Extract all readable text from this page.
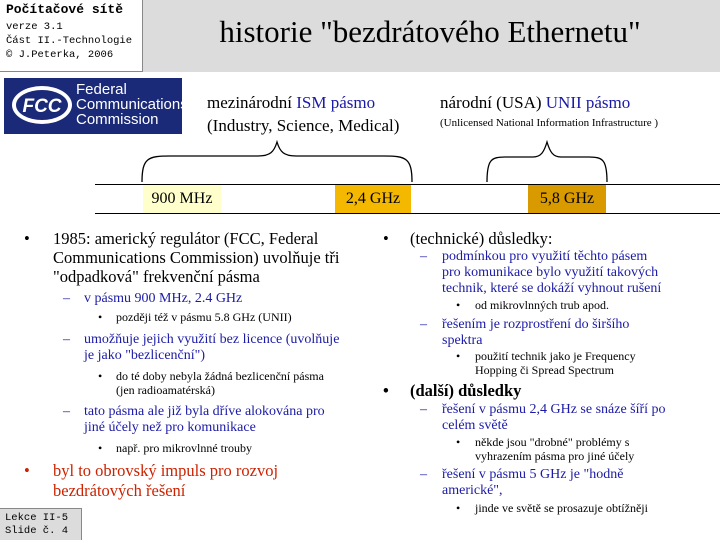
Počítačové sítě
verze 3.1
Část II.-Technologie
© J.Peterka, 2006
historie "bezdrátového Ethernetu"
FCC
Federal
Communications
Commission
mezinárodní ISM pásmo
(Industry, Science, Medical)
národní (USA) UNII pásmo
(Unlicensed National Information Infrastructure )
900 MHz	2,4 GHz	5,8 GHz
• 1985: americký regulátor (FCC, Federal
Communications Commission) uvolňuje tři
"odpadková" frekvenční pásma
– v pásmu 900 MHz, 2.4 GHz
• později též v pásmu 5.8 GHz (UNII)
– umožňuje jejich využití bez licence (uvolňuje
je jako "bezlicenční")
• do té doby nebyla žádná bezlicenční pásma
(jen radioamatérská)
– tato pásma ale již byla dříve alokována pro
jiné účely než pro komunikace
• např. pro mikrovlnné trouby
• byl to obrovský impuls pro rozvoj
bezdrátových řešení
• (technické) důsledky:
– podmínkou pro využití těchto pásem
pro komunikace bylo využití takových
technik, které se dokáží vyhnout rušení
• od mikrovlnných trub apod.
– řešením je rozprostření do širšího
spektra
• použití technik jako je Frequency
Hopping či Spread Spectrum
• (další) důsledky
– řešení v pásmu 2,4 GHz se snáze šíří po
celém světě
• někde jsou "drobné" problémy s
vyhrazením pásma pro jiné účely
– řešení v pásmu 5 GHz je "hodně
americké",
• jinde ve světě se prosazuje obtížněji
Lekce II-5
Slide č. 4
